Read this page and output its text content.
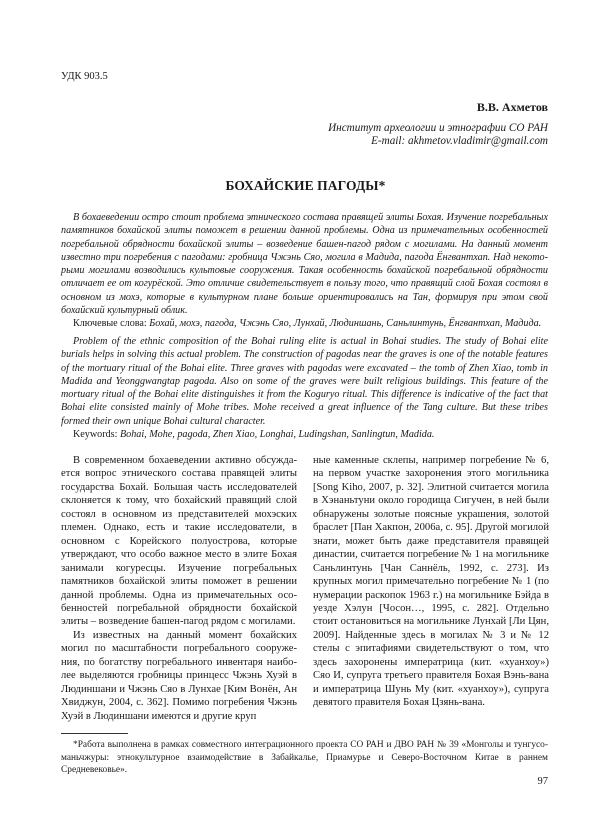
УДК 903.5
В.В. Ахметов
Институт археологии и этнографии СО РАН
E-mail: akhmetov.vladimir@gmail.com
БОХАЙСКИЕ ПАГОДЫ*

В бохаеведении остро стоит проблема этнического состава правящей элиты Бохая. Изучение погребальных памятников бохайской элиты поможет в решении данной проблемы. Одна из примечательных особенностей погребальной обрядности бохайской элиты – возведение башен-пагод рядом с могилами. На данный момент известно три погребения с пагодами: гробница Чжэнь Сяо, могила в Мадида, пагода Ёнгвантхап. Над некоторыми могилами возводились культовые сооружения. Такая особенность бохайской погребальной обрядности отличает ее от когурёской. Это отличие свидетельствует в пользу того, что правящий слой Бохая состоял в основном из мохэ, которые в культурном плане больше ориентировались на Тан, формируя при этом свой бохайский культурный облик.

Ключевые слова: Бохай, мохэ, пагода, Чжэнь Сяо, Лунхай, Людиншань, Саньлинтунь, Ёнгвантхап, Мадида.

Problem of the ethnic composition of the Bohai ruling elite is actual in Bohai studies. The study of Bohai elite burials helps in solving this actual problem. The construction of pagodas near the graves is one of the notable features of the mortuary ritual of the Bohai elite. Three graves with pagodas were excavated – the tomb of Zhen Xiao, tomb in Madida and Yeonggwangtap pagoda. Also on some of the graves were built religious buildings. This feature of the mortuary ritual of the Bohai elite distinguishes it from the Koguryo ritual. This difference is indicative of the fact that Bohai elite consisted mainly of Mohe tribes. Mohe received a great influence of the Tang culture. But these tribes formed their own unique Bohai cultural character.

Keywords: Bohai, Mohe, pagoda, Zhen Xiao, Longhai, Ludingshan, Sanlingtun, Madida.

В современном бохаеведении активно обсуждается вопрос этнического состава правящей элиты государства Бохай. Большая часть исследователей склоняется к тому, что бохайский правящий слой состоял в основном из представителей мохэских племен. Однако, есть и такие исследователи, в основном с Корейского полуострова, которые утверждают, что особо важное место в элите Бохая занимали когуресцы. Изучение погребальных памятников бохайской элиты поможет в решении данной проблемы. Одна из примечательных особенностей погребальной обрядности бохайской элиты – возведение башен-пагод рядом с могилами.

Из известных на данный момент бохайских могил по масштабности погребального сооружения, по богатству погребального инвентаря наиболее выделяются гробницы принцесс Чжэнь Хуэй в Людиншани и Чжэнь Сяо в Лунхае [Ким Вонён, Ан Хвиджун, 2004, с. 362]. Помимо погребения Чжэнь Хуэй в Людиншани имеются и другие круп

ные каменные склепы, например погребение № 6, на первом участке захоронения этого могильника [Song Kiho, 2007, p. 32]. Элитной считается могила в Хэнаньтуни около городища Сигучен, в ней были обнаружены золотые поясные украшения, золотой браслет [Пан Хакпон, 2006а, с. 95]. Другой могилой знати, может быть даже представителя правящей династии, считается погребение № 1 на могильнике Саньлинтунь [Чан Саннёль, 1992, с. 273]. Из крупных могил примечательно погребение № 1 (по нумерации раскопок 1963 г.) на могильнике Бэйда в уезде Хэлун [Чосон…, 1995, с. 282]. Отдельно стоит остановиться на могильнике Лунхай [Ли Цян, 2009]. Найденные здесь в могилах № 3 и № 12 стелы с эпитафиями свидетельствуют о том, что здесь захоронены императрица (кит. «хуанхоу») Сяо И, супруга третьего правителя Бохая Вэнь-вана и императрица Шунь Му (кит. «хуанхоу»), супруга девятого правителя Бохая Цзянь-вана.

*Работа выполнена в рамках совместного интеграционного проекта СО РАН и ДВО РАН № 39 «Монголы и тунгусо-маньчжуры: этнокультурное взаимодействие в Забайкалье, Приамурье и Северо-Восточном Китае в раннем Средневековье».

97
